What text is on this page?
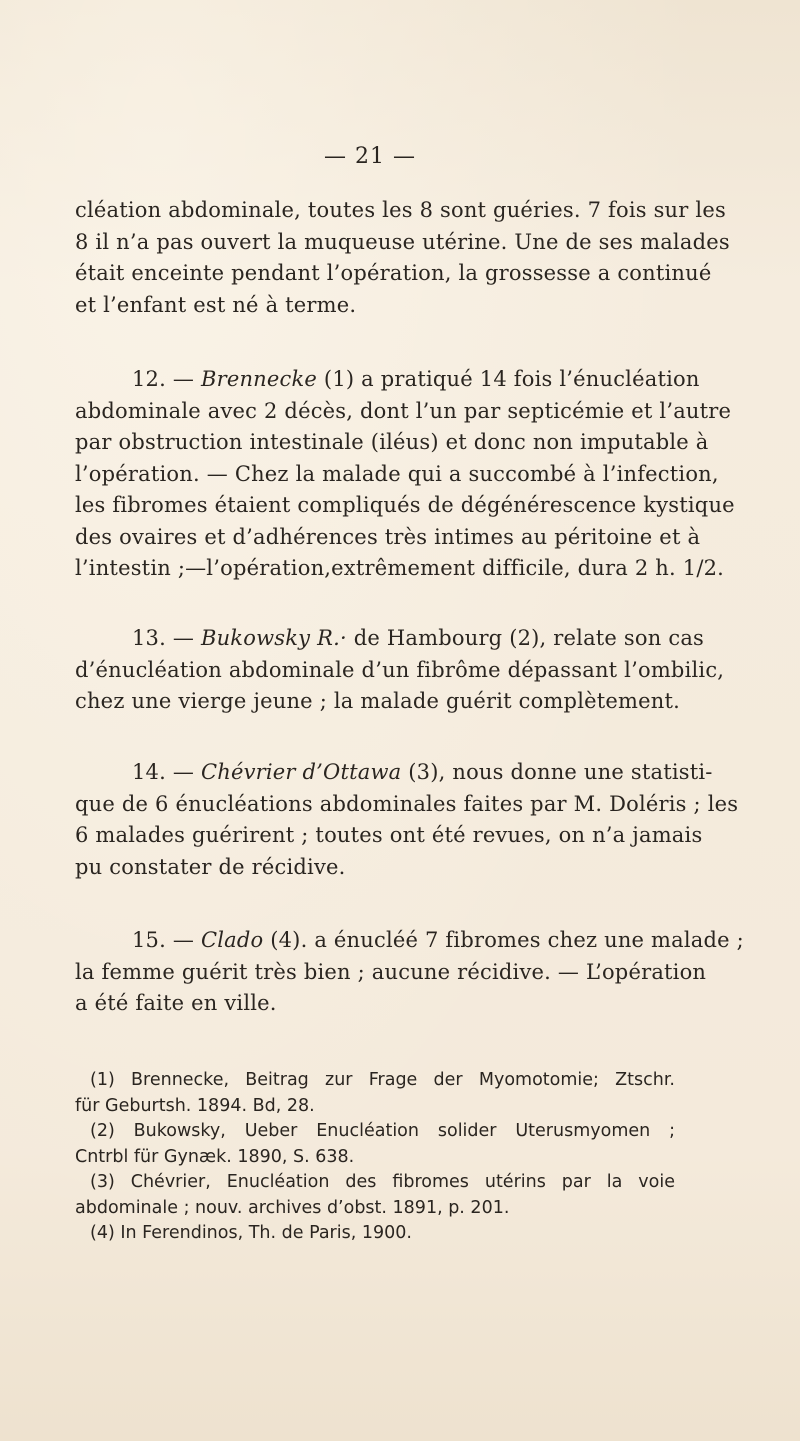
— 21 —
cléation abdominale, toutes les 8 sont guéries. 7 fois sur les
8 il n’a pas ouvert la muqueuse utérine. Une de ses malades
était enceinte pendant l’opération, la grossesse a continué
et l’enfant est né à terme.
12. — Brennecke (1) a pratiqué 14 fois l’énucléation
abdominale avec 2 décès, dont l’un par septicémie et l’autre
par obstruction intestinale (iléus) et donc non imputable à
l’opération. — Chez la malade qui a succombé à l’infection,
les fibromes étaient compliqués de dégénérescence kystique
des ovaires et d’adhérences très intimes au péritoine et à
l’intestin ;—l’opération,extrêmement difficile, dura 2 h. 1/2.
13. — Bukowsky R.· de Hambourg (2), relate son cas
d’énucléation abdominale d’un fibrôme dépassant l’ombilic,
chez une vierge jeune ; la malade guérit complètement.
14. — Chévrier d’Ottawa (3), nous donne une statisti-
que de 6 énucléations abdominales faites par M. Doléris ; les
6 malades guérirent ; toutes ont été revues, on n’a jamais
pu constater de récidive.
15. — Clado (4). a énucléé 7 fibromes chez une malade ;
la femme guérit très bien ; aucune récidive. — L’opération
a été faite en ville.
(1) Brennecke, Beitrag zur Frage der Myomotomie; Ztschr.
für Geburtsh. 1894. Bd, 28.
(2) Bukowsky, Ueber Enucléation solider Uterusmyomen ;
Cntrbl für Gynæk. 1890, S. 638.
(3) Chévrier, Enucléation des fibromes utérins par la voie
abdominale ; nouv. archives d’obst. 1891, p. 201.
(4) In Ferendinos, Th. de Paris, 1900.
